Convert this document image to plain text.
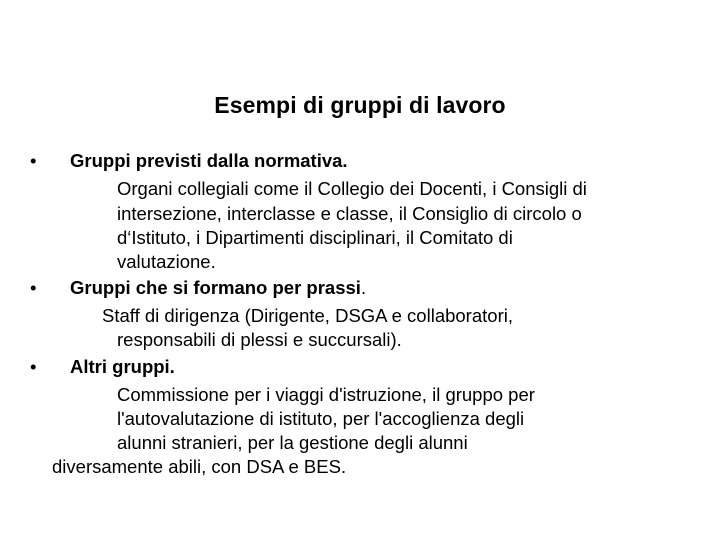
Esempi di gruppi di lavoro
• Gruppi previsti dalla normativa.
Organi collegiali come il Collegio dei Docenti, i Consigli di
intersezione, interclasse e classe, il Consiglio di circolo o
d‘Istituto, i Dipartimenti disciplinari, il Comitato di
valutazione.
• Gruppi che si formano per prassi.
Staff di dirigenza (Dirigente, DSGA e collaboratori,
responsabili di plessi e succursali).
• Altri gruppi.
Commissione per i viaggi d'istruzione, il gruppo per
l'autovalutazione di istituto, per l'accoglienza degli
alunni stranieri, per la gestione degli alunni
diversamente abili, con DSA e BES.
